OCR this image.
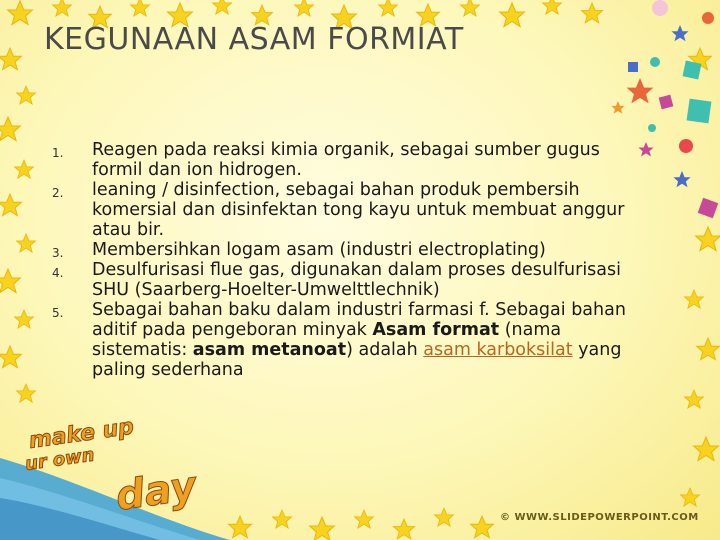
make up
ur own
day
KEGUNAAN ASAM FORMIAT
1. Reagen pada reaksi kimia organik, sebagai sumber gugus formil dan ion hidrogen.
2. leaning / disinfection, sebagai bahan produk pembersih komersial dan disinfektan tong kayu untuk membuat anggur atau bir.
3. Membersihkan logam asam (industri electroplating)
4. Desulfurisasi flue gas, digunakan dalam proses desulfurisasi SHU (Saarberg-Hoelter-Umwelttlechnik)
5. Sebagai bahan baku dalam industri farmasi f. Sebagai bahan aditif pada pengeboran minyak Asam format (nama sistematis: asam metanoat) adalah asam karboksilat yang paling sederhana
© WWW.SLIDEPOWERPOINT.COM
